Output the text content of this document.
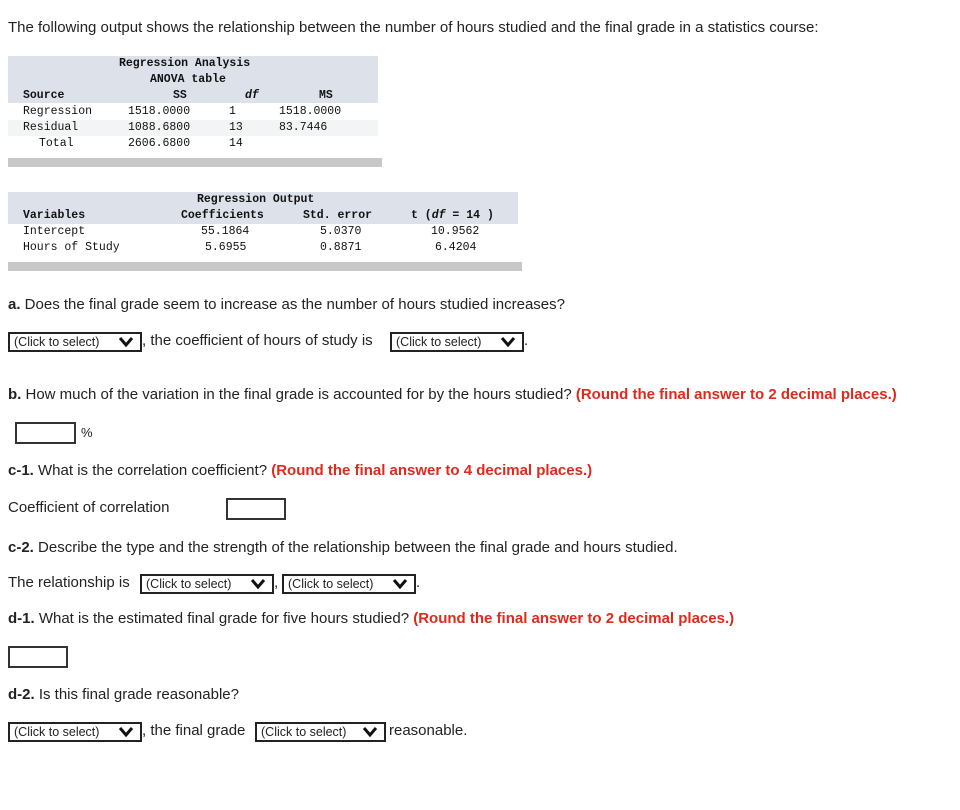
The following output shows the relationship between the number of hours studied and the final grade in a statistics course:
Regression Analysis
ANOVA table
Source	SS	df	MS
Regression	1518.0000	1	1518.0000
Residual	1088.6800	13	83.7446
Total	2606.6800	14
Regression Output
Variables	Coefficients	Std. error	t (df = 14 )
Intercept	55.1864	5.0370	10.9562
Hours of Study	5.6955	0.8871	6.4204
a. Does the final grade seem to increase as the number of hours studied increases?
(Click to select)	, the coefficient of hours of study is	(Click to select)	.
b. How much of the variation in the final grade is accounted for by the hours studied? (Round the final answer to 2 decimal places.)
%
c-1. What is the correlation coefficient? (Round the final answer to 4 decimal places.)
Coefficient of correlation
c-2. Describe the type and the strength of the relationship between the final grade and hours studied.
The relationship is	(Click to select)	, (Click to select)	.
d-1. What is the estimated final grade for five hours studied? (Round the final answer to 2 decimal places.)
d-2. Is this final grade reasonable?
(Click to select)	, the final grade	(Click to select)	reasonable.
